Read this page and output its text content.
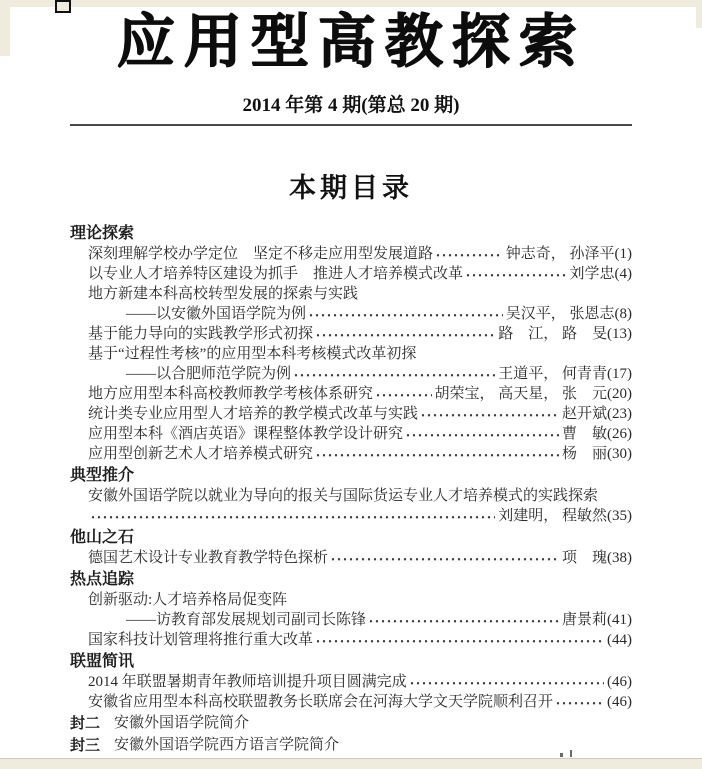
应用型高教探索
2014 年第 4 期(第总 20 期)
本期目录
理论探索
深刻理解学校办学定位　坚定不移走应用型发展道路	钟志奇， 孙泽平(1)
以专业人才培养特区建设为抓手　推进人才培养模式改革	刘学忠(4)
地方新建本科高校转型发展的探索与实践
——以安徽外国语学院为例	吴汉平， 张恩志(8)
基于能力导向的实践教学形式初探	路　江， 路　旻(13)
基于“过程性考核”的应用型本科考核模式改革初探
——以合肥师范学院为例	王道平， 何青青(17)
地方应用型本科高校教师教学考核体系研究	胡荣宝， 高天星， 张　元(20)
统计类专业应用型人才培养的教学模式改革与实践	赵开斌(23)
应用型本科《酒店英语》课程整体教学设计研究	曹　敏(26)
应用型创新艺术人才培养模式研究	杨　丽(30)
典型推介
安徽外国语学院以就业为导向的报关与国际货运专业人才培养模式的实践探索
刘建明， 程敏然(35)
他山之石
德国艺术设计专业教育教学特色探析	项　瑰(38)
热点追踪
创新驱动:人才培养格局促变阵
——访教育部发展规划司副司长陈锋	唐景莉(41)
国家科技计划管理将推行重大改革	(44)
联盟简讯
2014 年联盟暑期青年教师培训提升项目圆满完成	(46)
安徽省应用型本科高校联盟教务长联席会在河海大学文天学院顺利召开	(46)
封二 安徽外国语学院简介
封三 安徽外国语学院西方语言学院简介
